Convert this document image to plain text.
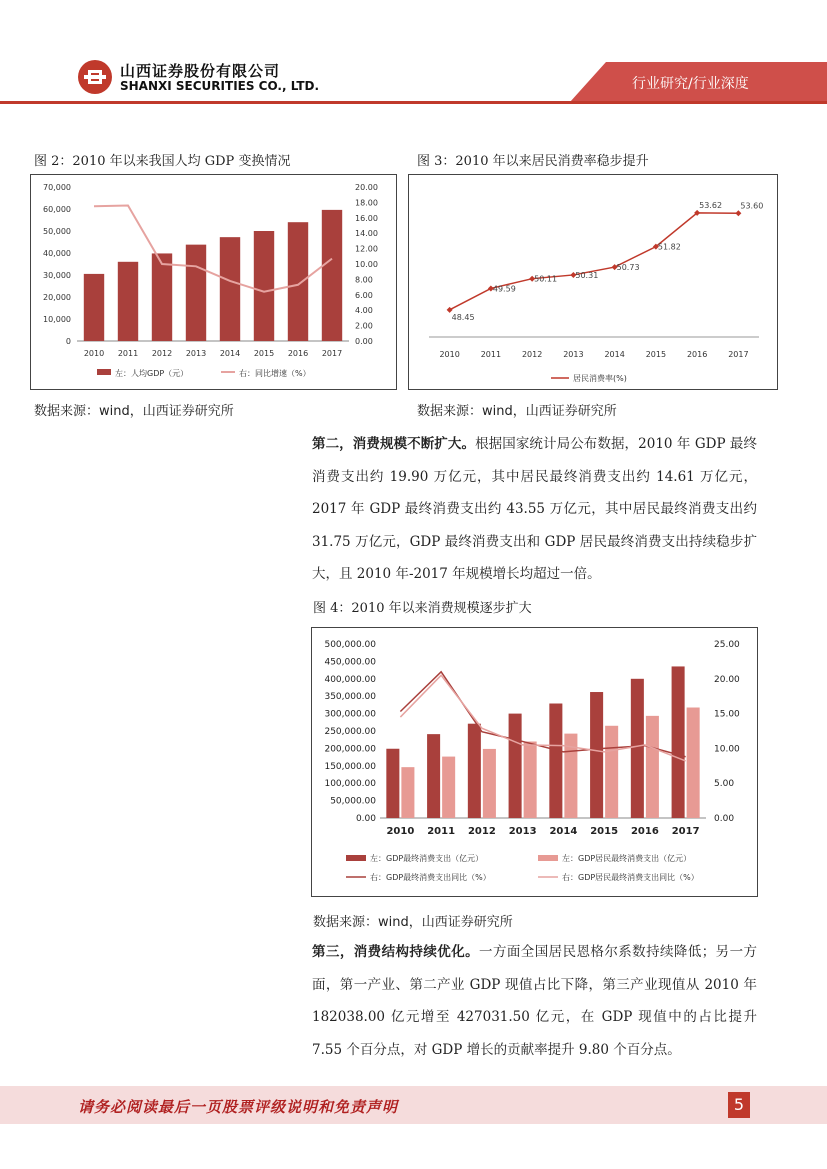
山西证券股份有限公司
SHANXI SECURITIES CO., LTD.	行业研究/行业深度
图 2：2010 年以来我国人均 GDP 变换情况
0
10,000
20,000
30,000
40,000
50,000
60,000
70,000
0.00
2.00
4.00
6.00
8.00
10.00
12.00
14.00
16.00
18.00
20.00
2010 2011 2012 2013 2014 2015 2016 2017
左：人均GDP（元）	右：同比增速（%）
数据来源：wind，山西证券研究所
图 3：2010 年以来居民消费率稳步提升
48.45
49.59
50.11 50.31
50.73
51.82
53.62 53.60
2010	2011	2012	2013	2014	2015	2016	2017
居民消费率(%)
数据来源：wind，山西证券研究所
第二，消费规模不断扩大。根据国家统计局公布数据，2010 年 GDP 最终消费支出约 19.90 万亿元，其中居民最终消费支出约 14.61 万亿元，2017 年 GDP 最终消费支出约 43.55 万亿元，其中居民最终消费支出约 31.75 万亿元，GDP 最终消费支出和 GDP 居民最终消费支出持续稳步扩大，且 2010 年-2017 年规模增长均超过一倍。
图 4：2010 年以来消费规模逐步扩大
0.00
50,000.00
100,000.00
150,000.00
200,000.00
250,000.00
300,000.00
350,000.00
400,000.00
450,000.00
500,000.00
0.00
5.00
10.00
15.00
20.00
25.00
2010 2011 2012 2013 2014 2015 2016 2017
左：GDP最终消费支出（亿元）	左：GDP居民最终消费支出（亿元）
右：GDP最终消费支出同比（%）	右：GDP居民最终消费支出同比（%）
数据来源：wind，山西证券研究所
第三，消费结构持续优化。一方面全国居民恩格尔系数持续降低；另一方面，第一产业、第二产业 GDP 现值占比下降，第三产业现值从 2010 年 182038.00 亿元增至 427031.50 亿元，在 GDP 现值中的占比提升 7.55 个百分点，对 GDP 增长的贡献率提升 9.80 个百分点。
请务必阅读最后一页股票评级说明和免责声明	5
